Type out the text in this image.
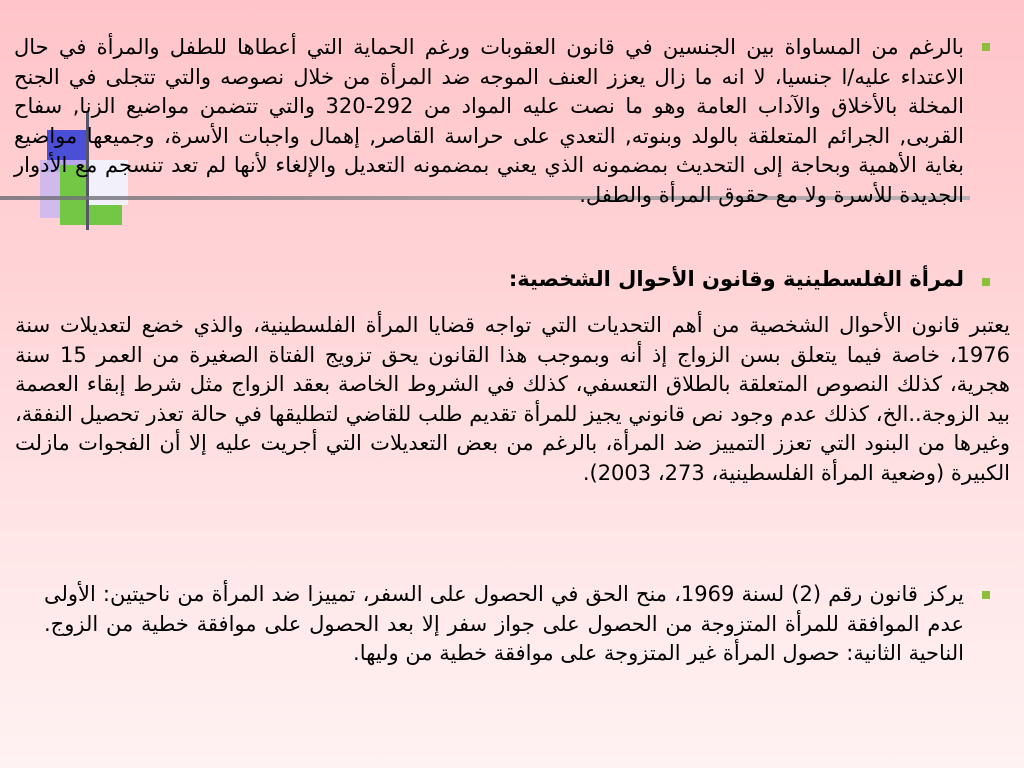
بالرغم من المساواة بين الجنسين في قانون العقوبات ورغم الحماية التي أعطاها للطفل والمرأة في حال الاعتداء عليه/ا جنسيا، لا انه ما زال يعزز العنف الموجه ضد المرأة من خلال نصوصه والتي تتجلى في الجنح المخلة بالأخلاق والآداب العامة وهو ما نصت عليه المواد من 292-320 والتي تتضمن مواضيع الزنا, سفاح القربى, الجرائم المتعلقة بالولد وبنوته, التعدي على حراسة القاصر, إهمال واجبات الأسرة، وجميعها مواضيع بغاية الأهمية وبحاجة إلى التحديث بمضمونه الذي يعني بمضمونه التعديل والإلغاء لأنها لم تعد تنسجم مع الأدوار الجديدة للأسرة ولا مع حقوق المرأة والطفل.

لمرأة الفلسطينية وقانون الأحوال الشخصية:

يعتبر قانون الأحوال الشخصية من أهم التحديات التي تواجه قضايا المرأة الفلسطينية، والذي خضع لتعديلات سنة 1976، خاصة فيما يتعلق بسن الزواج إذ أنه وبموجب هذا القانون يحق تزويج الفتاة الصغيرة من العمر 15 سنة هجرية، كذلك النصوص المتعلقة بالطلاق التعسفي، كذلك في الشروط الخاصة بعقد الزواج مثل شرط إبقاء العصمة بيد الزوجة..الخ، كذلك عدم وجود نص قانوني يجيز للمرأة تقديم طلب للقاضي لتطليقها في حالة تعذر تحصيل النفقة، وغيرها من البنود التي تعزز التمييز ضد المرأة، بالرغم من بعض التعديلات التي أجريت عليه إلا أن الفجوات مازلت الكبيرة (وضعية المرأة الفلسطينية، 273، 2003).

يركز قانون رقم (2) لسنة 1969، منح الحق في الحصول على السفر، تمييزا ضد المرأة من ناحيتين: الأولى عدم الموافقة للمرأة المتزوجة من الحصول على جواز سفر إلا بعد الحصول على موافقة خطية من الزوج. الناحية الثانية: حصول المرأة غير المتزوجة على موافقة خطية من وليها.
